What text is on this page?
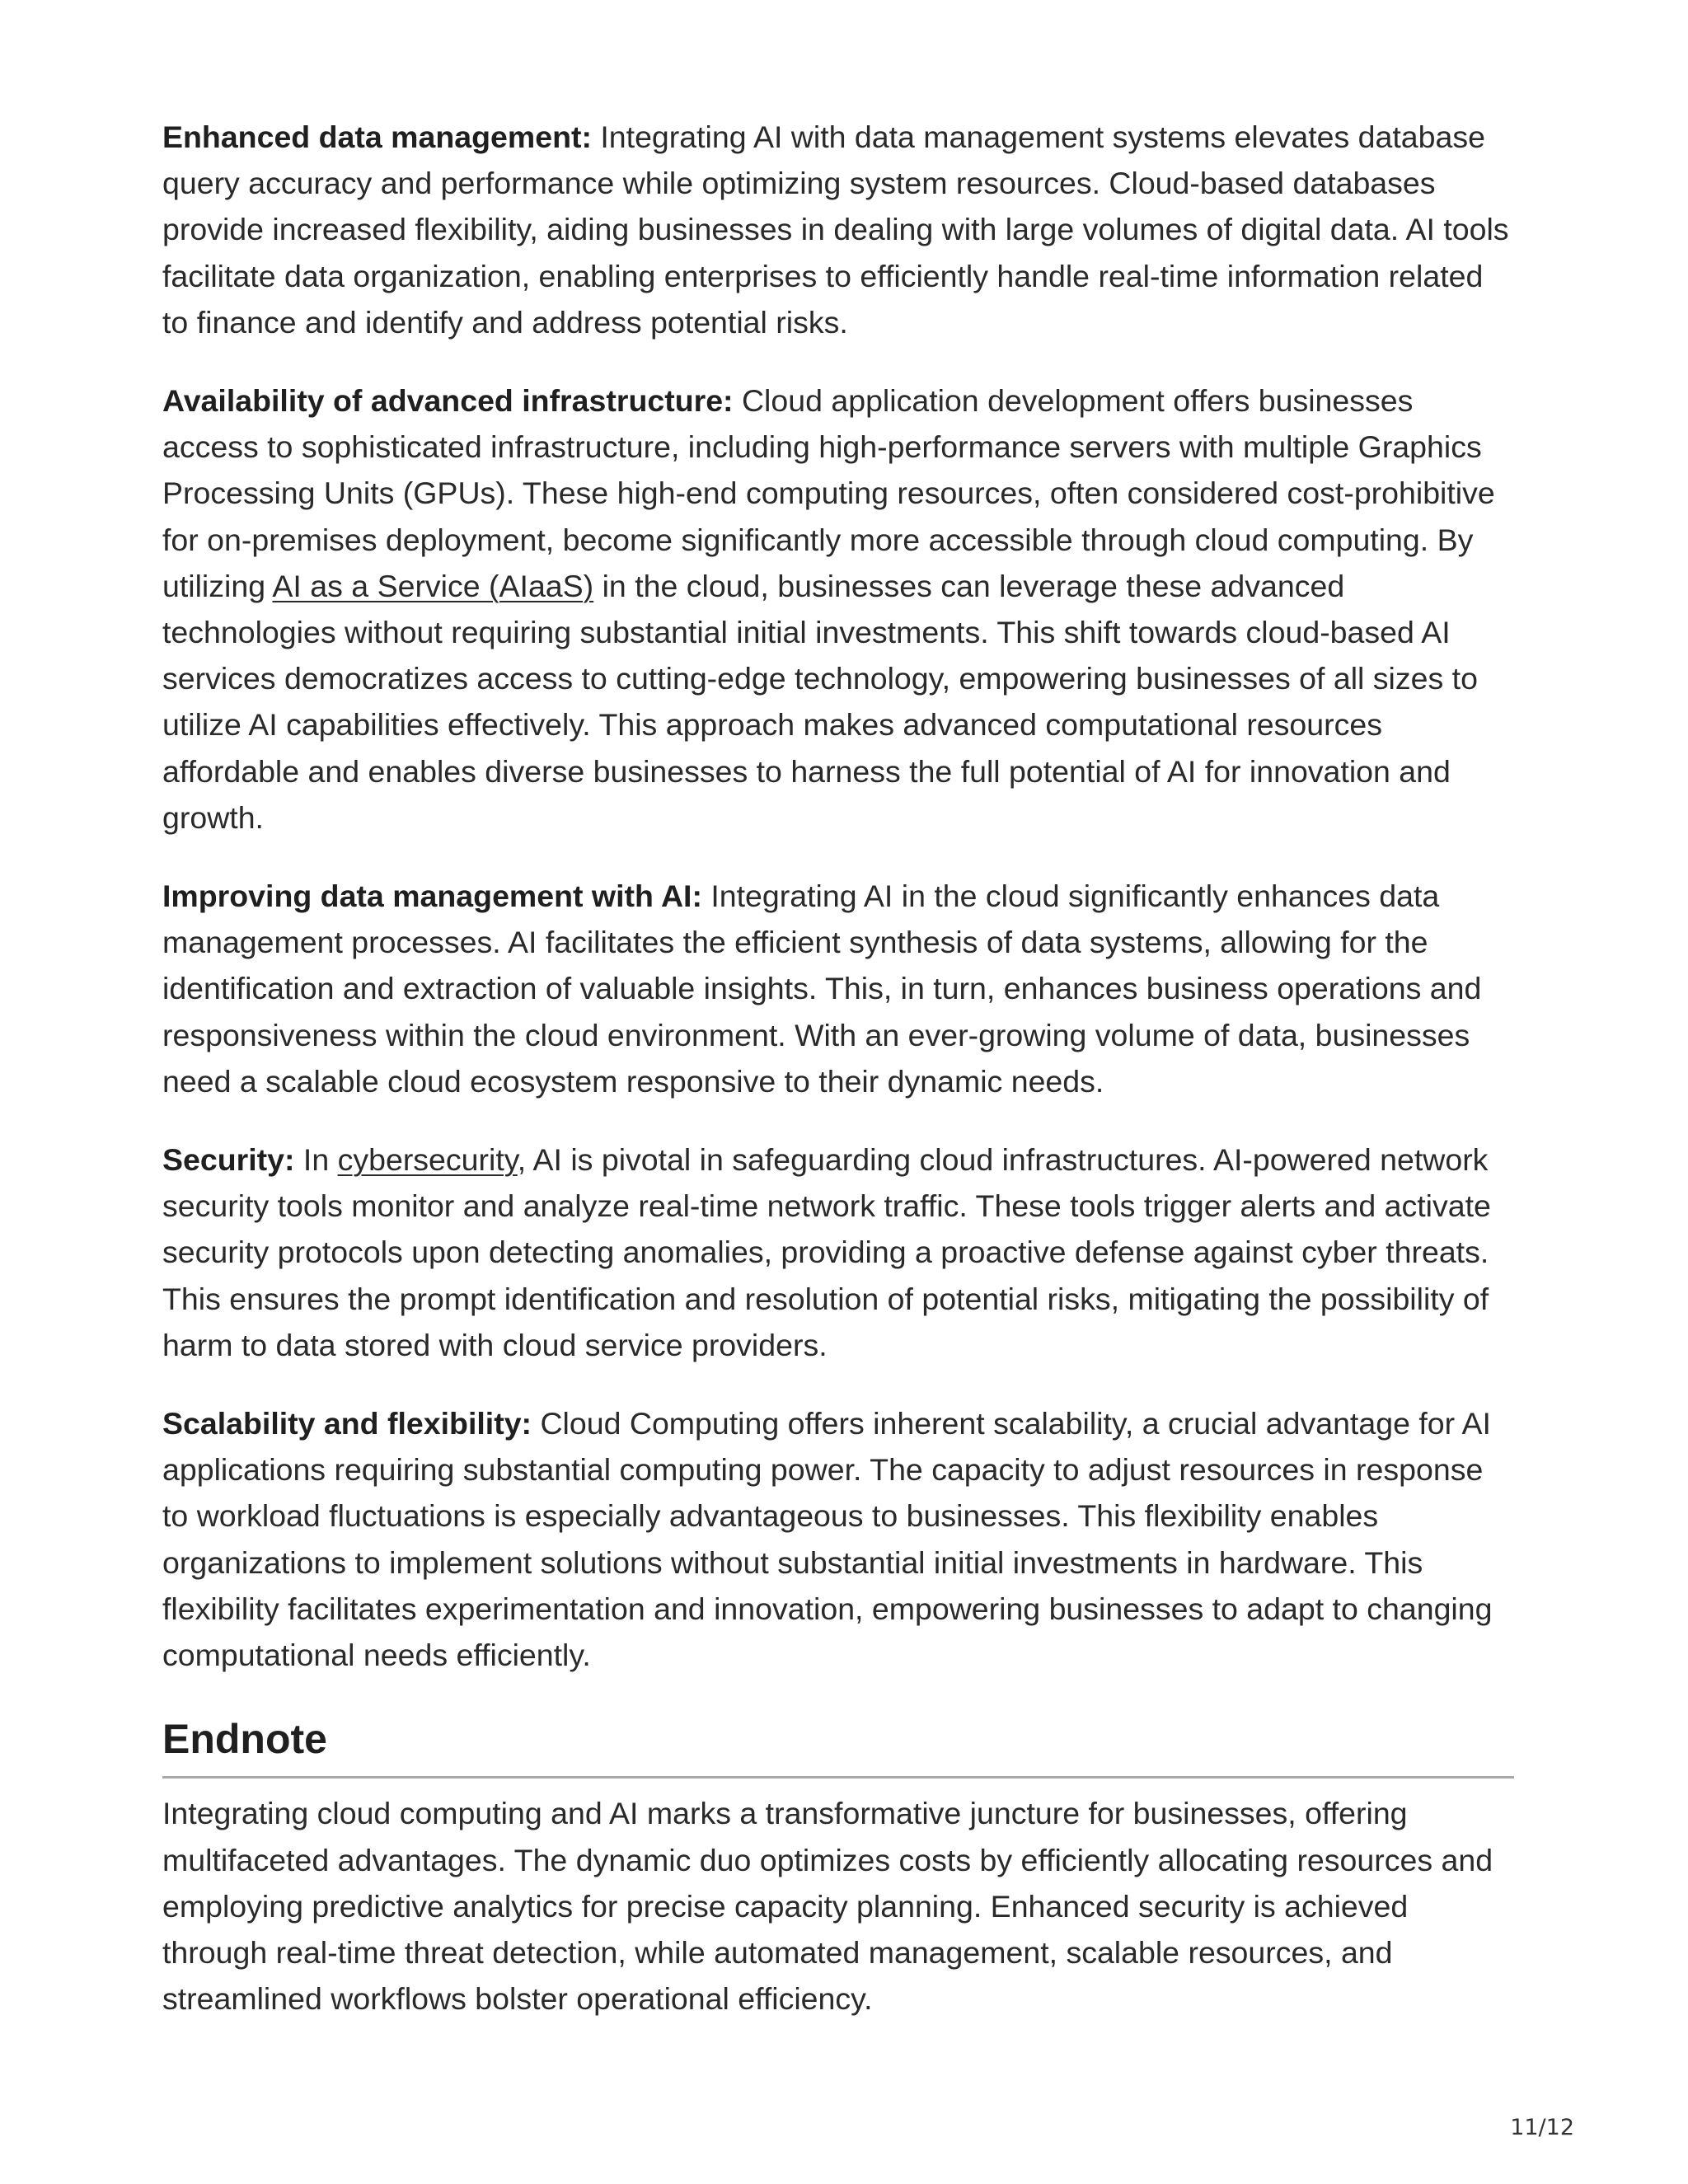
Enhanced data management: Integrating AI with data management systems elevates database query accuracy and performance while optimizing system resources. Cloud-based databases provide increased flexibility, aiding businesses in dealing with large volumes of digital data. AI tools facilitate data organization, enabling enterprises to efficiently handle real-time information related to finance and identify and address potential risks.

Availability of advanced infrastructure: Cloud application development offers businesses access to sophisticated infrastructure, including high-performance servers with multiple Graphics Processing Units (GPUs). These high-end computing resources, often considered cost-prohibitive for on-premises deployment, become significantly more accessible through cloud computing. By utilizing AI as a Service (AIaaS) in the cloud, businesses can leverage these advanced technologies without requiring substantial initial investments. This shift towards cloud-based AI services democratizes access to cutting-edge technology, empowering businesses of all sizes to utilize AI capabilities effectively. This approach makes advanced computational resources affordable and enables diverse businesses to harness the full potential of AI for innovation and growth.

Improving data management with AI: Integrating AI in the cloud significantly enhances data management processes. AI facilitates the efficient synthesis of data systems, allowing for the identification and extraction of valuable insights. This, in turn, enhances business operations and responsiveness within the cloud environment. With an ever-growing volume of data, businesses need a scalable cloud ecosystem responsive to their dynamic needs.

Security: In cybersecurity, AI is pivotal in safeguarding cloud infrastructures. AI-powered network security tools monitor and analyze real-time network traffic. These tools trigger alerts and activate security protocols upon detecting anomalies, providing a proactive defense against cyber threats. This ensures the prompt identification and resolution of potential risks, mitigating the possibility of harm to data stored with cloud service providers.

Scalability and flexibility: Cloud Computing offers inherent scalability, a crucial advantage for AI applications requiring substantial computing power. The capacity to adjust resources in response to workload fluctuations is especially advantageous to businesses. This flexibility enables organizations to implement solutions without substantial initial investments in hardware. This flexibility facilitates experimentation and innovation, empowering businesses to adapt to changing computational needs efficiently.

Endnote

Integrating cloud computing and AI marks a transformative juncture for businesses, offering multifaceted advantages. The dynamic duo optimizes costs by efficiently allocating resources and employing predictive analytics for precise capacity planning. Enhanced security is achieved through real-time threat detection, while automated management, scalable resources, and streamlined workflows bolster operational efficiency.

11/12
